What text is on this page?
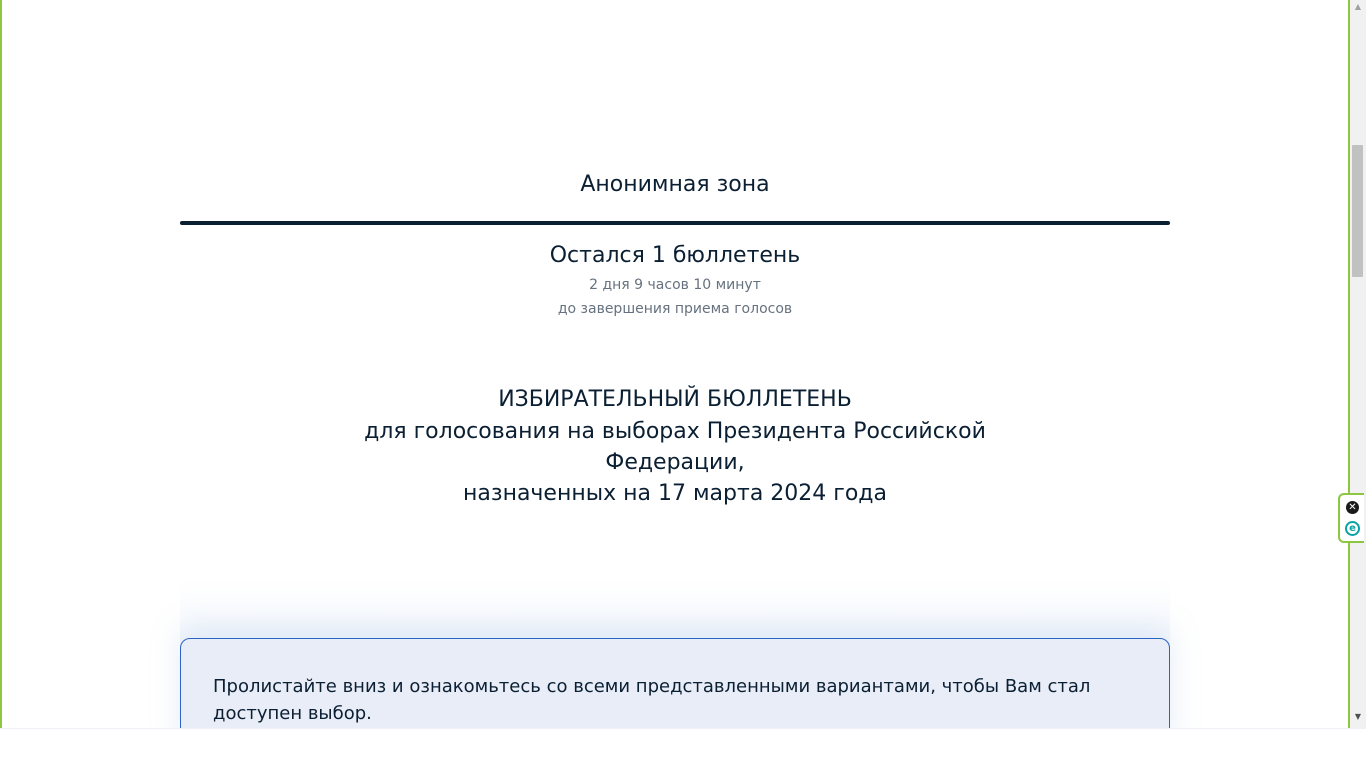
Анонимная зона
Остался 1 бюллетень
2 дня 9 часов 10 минут
до завершения приема голосов
ИЗБИРАТЕЛЬНЫЙ БЮЛЛЕТЕНЬ
для голосования на выборах Президента Российской Федерации,
назначенных на 17 марта 2024 года
Пролистайте вниз и ознакомьтесь со всеми представленными вариантами, чтобы Вам стал доступен выбор.
▲
▼
✕
e
